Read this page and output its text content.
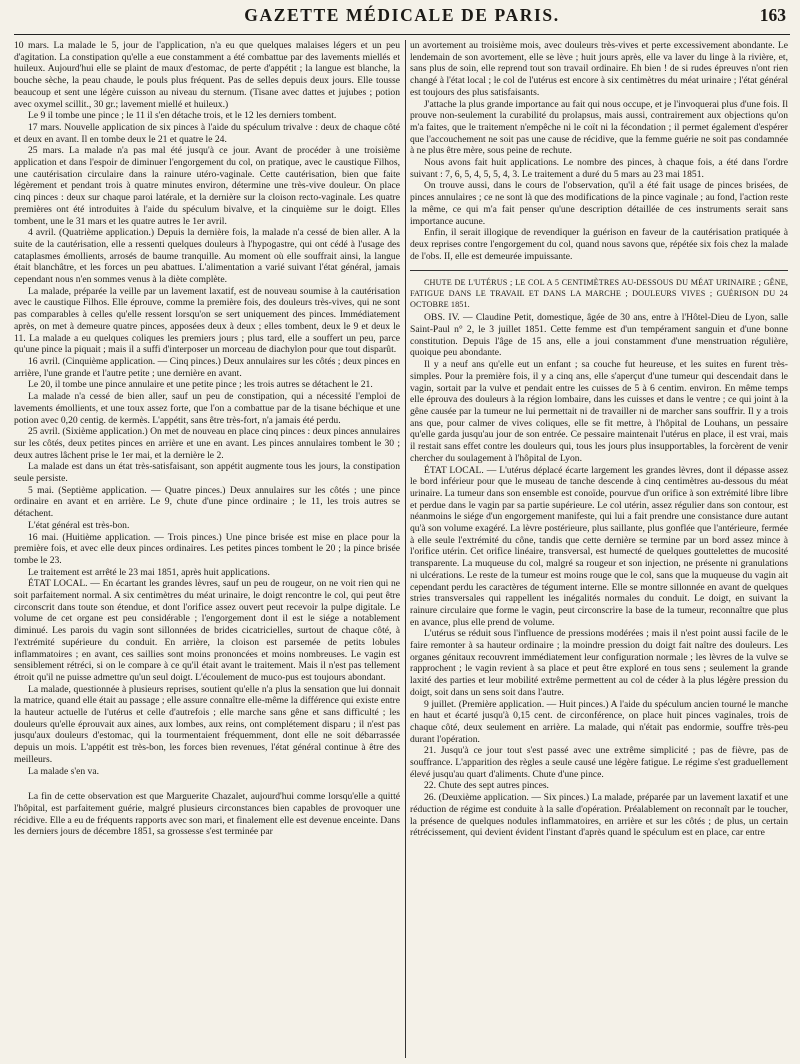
GAZETTE MÉDICALE DE PARIS.	163

10 mars. La malade le 5, jour de l'application, n'a eu que quelques malaises légers et un peu d'agitation. La constipation qu'elle a eue constamment a été combattue par des lavements miellés et huileux. Aujourd'hui elle se plaint de maux d'estomac, de perte d'appétit ; la langue est blanche, la bouche sèche, la peau chaude, le pouls plus fréquent. Pas de selles depuis deux jours. Elle tousse beaucoup et sent une légère cuisson au niveau du sternum. (Tisane avec dattes et jujubes ; potion avec oxymel scillit., 30 gr.; lavement miellé et huileux.)

Le 9 il tombe une pince ; le 11 il s'en détache trois, et le 12 les derniers tombent.

17 mars. Nouvelle application de six pinces à l'aide du spéculum trivalve : deux de chaque côté et deux en avant. Il en tombe deux le 21 et quatre le 24.

25 mars. La malade n'a pas mal été jusqu'à ce jour. Avant de procéder à une troisième application et dans l'espoir de diminuer l'engorgement du col, on pratique, avec le caustique Filhos, une cautérisation circulaire dans la rainure utéro-vaginale. Cette cautérisation, bien que faite légèrement et pendant trois à quatre minutes environ, détermine une très-vive douleur. On place cinq pinces : deux sur chaque paroi latérale, et la dernière sur la cloison recto-vaginale. Les quatre premières ont été introduites à l'aide du spéculum bivalve, et la cinquième sur le doigt. Elles tombent, une le 31 mars et les quatre autres le 1er avril.

4 avril. (Quatrième application.) Depuis la dernière fois, la malade n'a cessé de bien aller. A la suite de la cautérisation, elle a ressenti quelques douleurs à l'hypogastre, qui ont cédé à l'usage des cataplasmes émollients, arrosés de baume tranquille. Au moment où elle souffrait ainsi, la langue était blanchâtre, et les forces un peu abattues. L'alimentation a varié suivant l'état général, jamais cependant nous n'en sommes venus à la diète complète.

La malade, préparée la veille par un lavement laxatif, est de nouveau soumise à la cautérisation avec le caustique Filhos. Elle éprouve, comme la première fois, des douleurs très-vives, qui ne sont pas comparables à celles qu'elle ressent lorsqu'on se sert uniquement des pinces. Immédiatement après, on met à demeure quatre pinces, apposées deux à deux ; elles tombent, deux le 9 et deux le 11. La malade a eu quelques coliques les premiers jours ; plus tard, elle a souffert un peu, parce qu'une pince la piquait ; mais il a suffi d'interposer un morceau de diachylon pour que tout disparût.

16 avril. (Cinquième application. — Cinq pinces.) Deux annulaires sur les côtés ; deux pinces en arrière, l'une grande et l'autre petite ; une dernière en avant.

Le 20, il tombe une pince annulaire et une petite pince ; les trois autres se détachent le 21.

La malade n'a cessé de bien aller, sauf un peu de constipation, qui a nécessité l'emploi de lavements émollients, et une toux assez forte, que l'on a combattue par de la tisane béchique et une potion avec 0,20 centig. de kermès. L'appétit, sans être très-fort, n'a jamais été perdu.

25 avril. (Sixième application.) On met de nouveau en place cinq pinces : deux pinces annulaires sur les côtés, deux petites pinces en arrière et une en avant. Les pinces annulaires tombent le 30 ; deux autres lâchent prise le 1er mai, et la dernière le 2.

La malade est dans un état très-satisfaisant, son appétit augmente tous les jours, la constipation seule persiste.

5 mai. (Septième application. — Quatre pinces.) Deux annulaires sur les côtés ; une pince ordinaire en avant et en arrière. Le 9, chute d'une pince ordinaire ; le 11, les trois autres se détachent.

L'état général est très-bon.

16 mai. (Huitième application. — Trois pinces.) Une pince brisée est mise en place pour la première fois, et avec elle deux pinces ordinaires. Les petites pinces tombent le 20 ; la pince brisée tombe le 23.

Le traitement est arrêté le 23 mai 1851, après huit applications.

ÉTAT LOCAL. — En écartant les grandes lèvres, sauf un peu de rougeur, on ne voit rien qui ne soit parfaitement normal. A six centimètres du méat urinaire, le doigt rencontre le col, qui peut être circonscrit dans toute son étendue, et dont l'orifice assez ouvert peut recevoir la pulpe digitale. Le volume de cet organe est peu considérable ; l'engorgement dont il est le siége a notablement diminué. Les parois du vagin sont sillonnées de brides cicatricielles, surtout de chaque côté, à l'extrémité supérieure du conduit. En arrière, la cloison est parsemée de petits lobules inflammatoires ; en avant, ces saillies sont moins prononcées et moins nombreuses. Le vagin est sensiblement rétréci, si on le compare à ce qu'il était avant le traitement. Mais il n'est pas tellement étroit qu'il ne puisse admettre qu'un seul doigt. L'écoulement de muco-pus est toujours abondant.

La malade, questionnée à plusieurs reprises, soutient qu'elle n'a plus la sensation que lui donnait la matrice, quand elle était au passage ; elle assure connaître elle-même la différence qui existe entre la hauteur actuelle de l'utérus et celle d'autrefois ; elle marche sans gêne et sans difficulté ; les douleurs qu'elle éprouvait aux aines, aux lombes, aux reins, ont complétement disparu ; il n'est pas jusqu'aux douleurs d'estomac, qui la tourmentaient fréquemment, dont elle ne soit débarrassée depuis un mois. L'appétit est très-bon, les forces bien revenues, l'état général continue à être des meilleurs.

La malade s'en va.

La fin de cette observation est que Marguerite Chazalet, aujourd'hui comme lorsqu'elle a quitté l'hôpital, est parfaitement guérie, malgré plusieurs circonstances bien capables de provoquer une récidive. Elle a eu de fréquents rapports avec son mari, et finalement elle est devenue enceinte. Dans les derniers jours de décembre 1851, sa grossesse s'est terminée par

un avortement au troisième mois, avec douleurs très-vives et perte excessivement abondante. Le lendemain de son avortement, elle se lève ; huit jours après, elle va laver du linge à la rivière, et, sans plus de soin, elle reprend tout son travail ordinaire. Eh bien ! de si rudes épreuves n'ont rien changé à l'état local ; le col de l'utérus est encore à six centimètres du méat urinaire ; l'état général est toujours des plus satisfaisants.

J'attache la plus grande importance au fait qui nous occupe, et je l'invoquerai plus d'une fois. Il prouve non-seulement la curabilité du prolapsus, mais aussi, contrairement aux objections qu'on m'a faites, que le traitement n'empêche ni le coït ni la fécondation ; il permet également d'espérer que l'accouchement ne soit pas une cause de récidive, que la femme guérie ne soit pas condamnée à ne plus être mère, sous peine de rechute.

Nous avons fait huit applications. Le nombre des pinces, à chaque fois, a été dans l'ordre suivant : 7, 6, 5, 4, 5, 5, 4, 3. Le traitement a duré du 5 mars au 23 mai 1851.

On trouve aussi, dans le cours de l'observation, qu'il a été fait usage de pinces brisées, de pinces annulaires ; ce ne sont là que des modifications de la pince vaginale ; au fond, l'action reste la même, ce qui m'a fait penser qu'une description détaillée de ces instruments serait sans importance aucune.

Enfin, il serait illogique de revendiquer la guérison en faveur de la cautérisation pratiquée à deux reprises contre l'engorgement du col, quand nous savons que, répétée six fois chez la malade de l'obs. II, elle est demeurée impuissante.

CHUTE DE L'UTÉRUS ; LE COL A 5 CENTIMÈTRES AU-DESSOUS DU MÉAT URINAIRE ; GÊNE, FATIGUE DANS LE TRAVAIL ET DANS LA MARCHE ; DOULEURS VIVES ; GUÉRISON DU 24 OCTOBRE 1851.

OBS. IV. — Claudine Petit, domestique, âgée de 30 ans, entre à l'Hôtel-Dieu de Lyon, salle Saint-Paul n° 2, le 3 juillet 1851. Cette femme est d'un tempérament sanguin et d'une bonne constitution. Depuis l'âge de 15 ans, elle a joui constamment d'une menstruation régulière, quoique peu abondante.

Il y a neuf ans qu'elle eut un enfant ; sa couche fut heureuse, et les suites en furent très-simples. Pour la première fois, il y a cinq ans, elle s'aperçut d'une tumeur qui descendait dans le vagin, sortait par la vulve et pendait entre les cuisses de 5 à 6 centim. environ. En même temps elle éprouva des douleurs à la région lombaire, dans les cuisses et dans le ventre ; ce qui joint à la gêne causée par la tumeur ne lui permettait ni de travailler ni de marcher sans souffrir. Il y a trois ans que, pour calmer de vives coliques, elle se fit mettre, à l'hôpital de Louhans, un pessaire qu'elle garda jusqu'au jour de son entrée. Ce pessaire maintenait l'utérus en place, il est vrai, mais il restait sans effet contre les douleurs qui, tous les jours plus insupportables, la forcèrent de venir chercher du soulagement à l'hôpital de Lyon.

ÉTAT LOCAL. — L'utérus déplacé écarte largement les grandes lèvres, dont il dépasse assez le bord inférieur pour que le museau de tanche descende à cinq centimètres au-dessous du méat urinaire. La tumeur dans son ensemble est conoïde, pourvue d'un orifice à son extrémité libre libre et perdue dans le vagin par sa partie supérieure. Le col utérin, assez régulier dans son contour, est néanmoins le siége d'un engorgement manifeste, qui lui a fait prendre une consistance dure autant qu'à son volume exagéré. La lèvre postérieure, plus saillante, plus gonflée que l'antérieure, fermée à elle seule l'extrémité du cône, tandis que cette dernière se termine par un bord assez mince à l'orifice utérin. Cet orifice linéaire, transversal, est humecté de quelques gouttelettes de mucosité transparente. La muqueuse du col, malgré sa rougeur et son injection, ne présente ni granulations ni ulcérations. Le reste de la tumeur est moins rouge que le col, sans que la muqueuse du vagin ait cependant perdu les caractères de tégument interne. Elle se montre sillonnée en avant de quelques stries transversales qui rappellent les inégalités normales du conduit. Le doigt, en suivant la rainure circulaire que forme le vagin, peut circonscrire la base de la tumeur, reconnaître que plus en avance, plus elle prend de volume.

L'utérus se réduit sous l'influence de pressions modérées ; mais il n'est point aussi facile de le faire remonter à sa hauteur ordinaire ; la moindre pression du doigt fait naître des douleurs. Les organes génitaux recouvrent immédiatement leur configuration normale ; les lèvres de la vulve se rapprochent ; le vagin revient à sa place et peut être exploré en tous sens ; seulement la grande laxité des parties et leur mobilité extrême permettent au col de céder à la plus légère pression du doigt, soit dans un sens soit dans l'autre.

9 juillet. (Première application. — Huit pinces.) A l'aide du spéculum ancien tourné le manche en haut et écarté jusqu'à 0,15 cent. de circonférence, on place huit pinces vaginales, trois de chaque côté, deux seulement en arrière. La malade, qui n'était pas endormie, souffre très-peu durant l'opération.

21. Jusqu'à ce jour tout s'est passé avec une extrême simplicité ; pas de fièvre, pas de souffrance. L'apparition des règles a seule causé une légère fatigue. Le régime s'est graduellement élevé jusqu'au quart d'aliments. Chute d'une pince.

22. Chute des sept autres pinces.

26. (Deuxième application. — Six pinces.) La malade, préparée par un lavement laxatif et une réduction de régime est conduite à la salle d'opération. Préalablement on reconnaît par le toucher, la présence de quelques nodules inflammatoires, en arrière et sur les côtés ; de plus, un certain rétrécissement, qui devient évident l'instant d'après quand le spéculum est en place, car entre
